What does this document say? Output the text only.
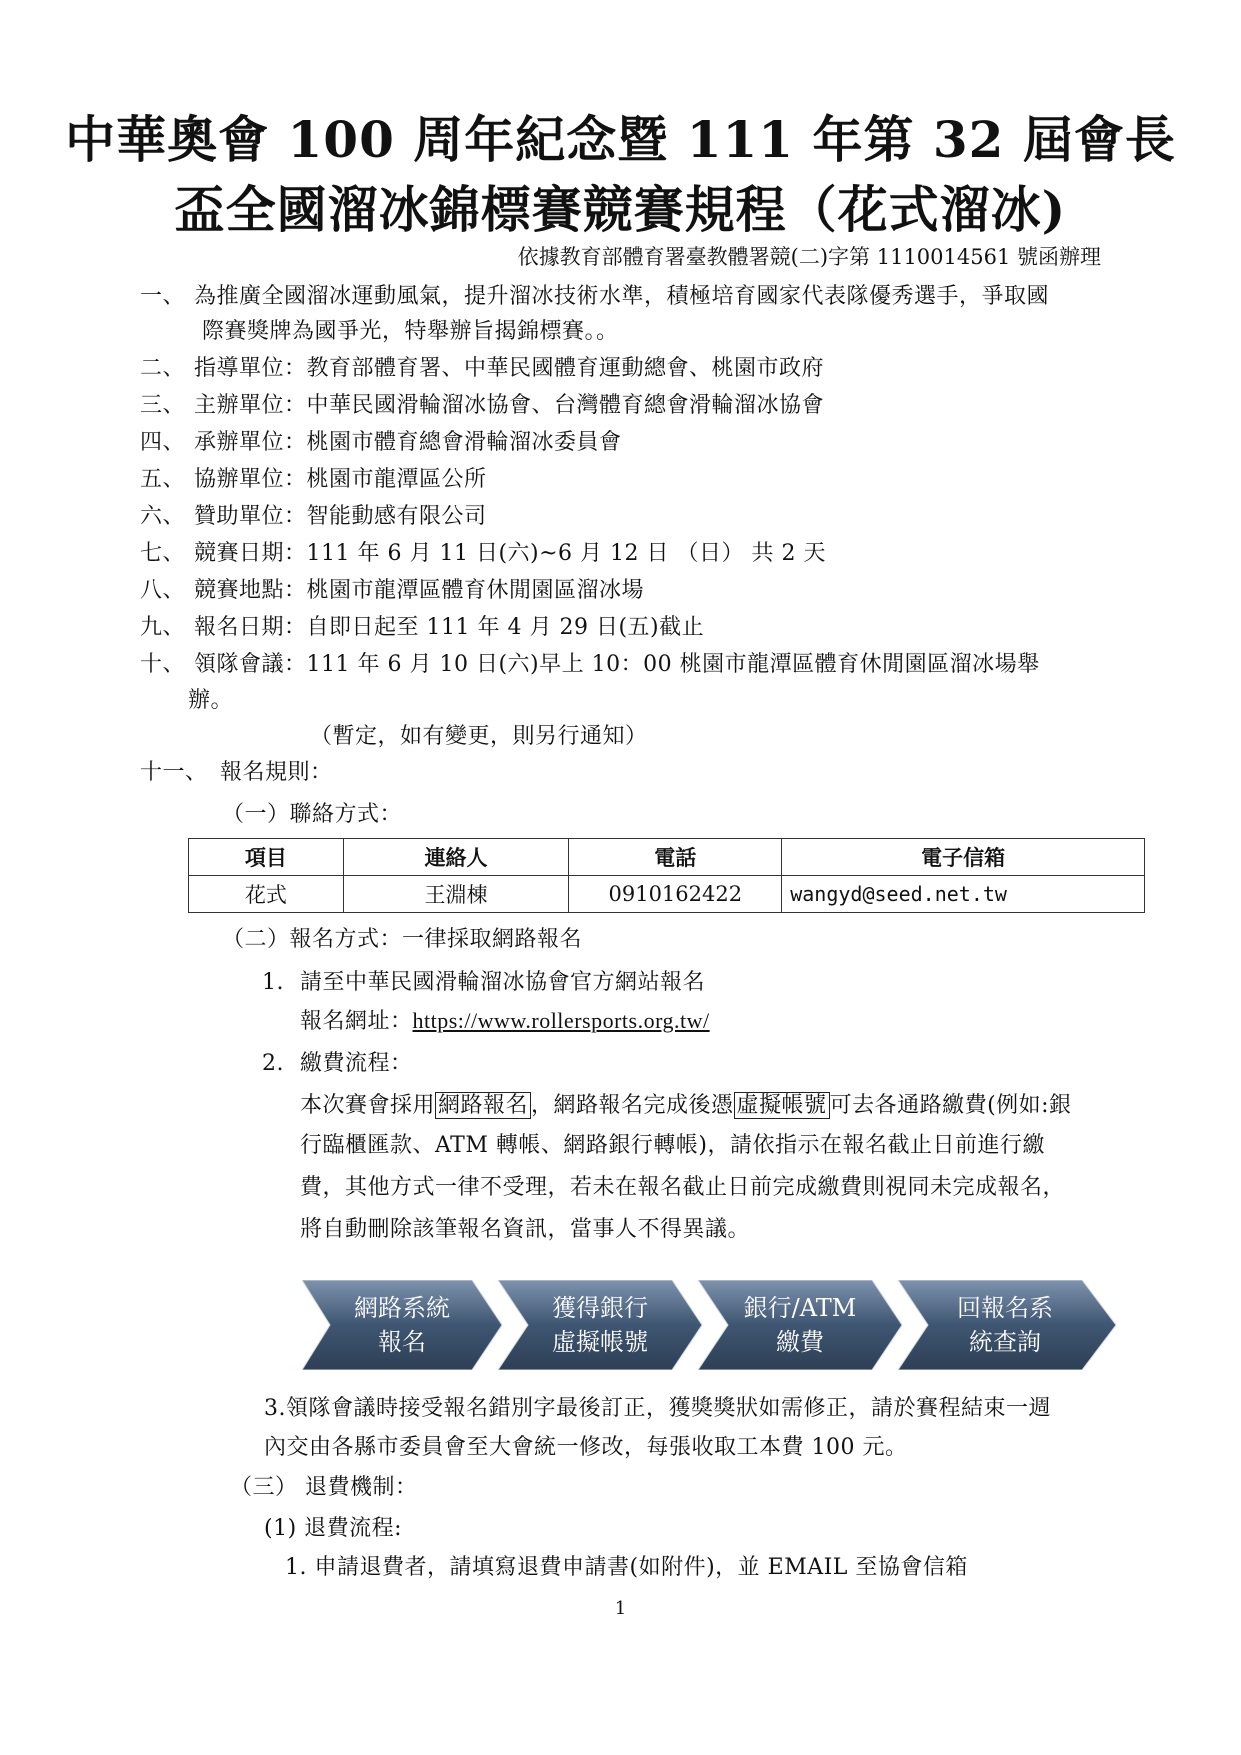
中華奧會 100 周年紀念暨 111 年第 32 屆會長
盃全國溜冰錦標賽競賽規程（花式溜冰)
依據教育部體育署臺教體署競(二)字第 1110014561 號函辦理
一、 為推廣全國溜冰運動風氣，提升溜冰技術水準，積極培育國家代表隊優秀選手，爭取國
際賽獎牌為國爭光，特舉辦旨揭錦標賽。。
二、 指導單位：教育部體育署、中華民國體育運動總會、桃園市政府
三、 主辦單位：中華民國滑輪溜冰協會、台灣體育總會滑輪溜冰協會
四、 承辦單位：桃園市體育總會滑輪溜冰委員會
五、 協辦單位：桃園市龍潭區公所
六、 贊助單位：智能動感有限公司
七、 競賽日期：111 年 6 月 11 日(六)~6 月 12 日 （日） 共 2 天
八、 競賽地點：桃園市龍潭區體育休閒園區溜冰場
九、 報名日期：自即日起至 111 年 4 月 29 日(五)截止
十、 領隊會議：111 年 6 月 10 日(六)早上 10：00 桃園市龍潭區體育休閒園區溜冰場舉
辦。
（暫定，如有變更，則另行通知）
十一、 報名規則：
（一）聯絡方式：
項目	連絡人	電話	電子信箱
花式	王淵棟	0910162422	wangyd@seed.net.tw
（二）報名方式：一律採取網路報名
1. 請至中華民國滑輪溜冰協會官方網站報名
報名網址：https://www.rollersports.org.tw/
2. 繳費流程：
本次賽會採用 網路報名 ，網路報名完成後憑 虛擬帳號 可去各通路繳費(例如:銀
行臨櫃匯款、ATM 轉帳、網路銀行轉帳)，請依指示在報名截止日前進行繳
費，其他方式一律不受理，若未在報名截止日前完成繳費則視同未完成報名，
將自動刪除該筆報名資訊，當事人不得異議。
網路系統
報名
獲得銀行
虛擬帳號
銀行/ATM
繳費
回報名系
統查詢
3.領隊會議時接受報名錯別字最後訂正，獲獎獎狀如需修正，請於賽程結束一週
內交由各縣市委員會至大會統一修改，每張收取工本費 100 元。
（三） 退費機制：
(1) 退費流程:
1. 申請退費者，請填寫退費申請書(如附件)，並 EMAIL 至協會信箱
1
